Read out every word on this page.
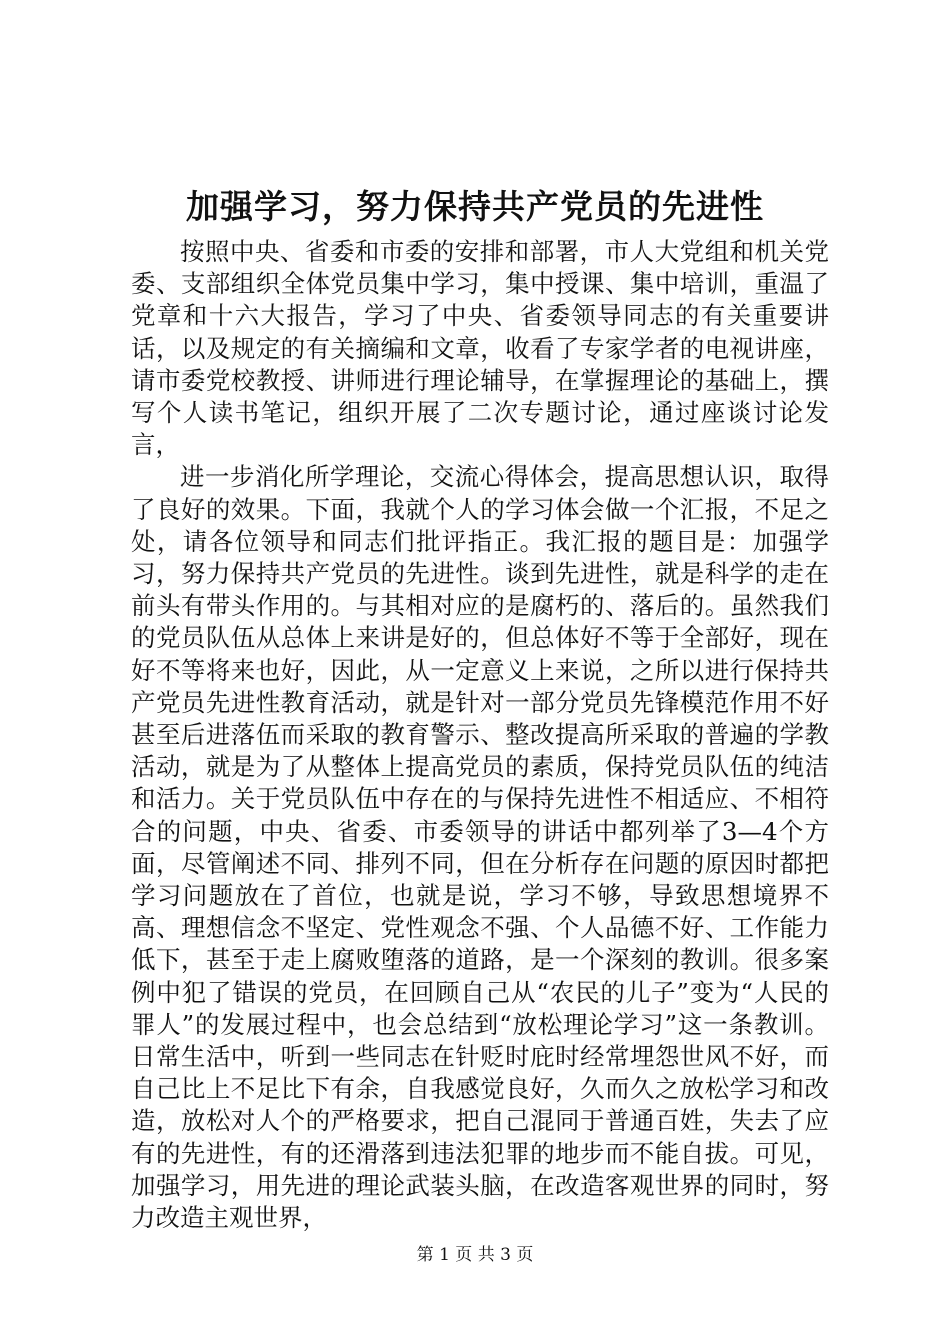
加强学习，努力保持共产党员的先进性

按照中央、省委和市委的安排和部署，市人大党组和机关党委、支部组织全体党员集中学习，集中授课、集中培训，重温了党章和十六大报告，学习了中央、省委领导同志的有关重要讲话，以及规定的有关摘编和文章，收看了专家学者的电视讲座，请市委党校教授、讲师进行理论辅导，在掌握理论的基础上，撰写个人读书笔记，组织开展了二次专题讨论，通过座谈讨论发言，

进一步消化所学理论，交流心得体会，提高思想认识，取得了良好的效果。下面，我就个人的学习体会做一个汇报，不足之处，请各位领导和同志们批评指正。我汇报的题目是：加强学习，努力保持共产党员的先进性。谈到先进性，就是科学的走在前头有带头作用的。与其相对应的是腐朽的、落后的。虽然我们的党员队伍从总体上来讲是好的，但总体好不等于全部好，现在好不等将来也好，因此，从一定意义上来说，之所以进行保持共产党员先进性教育活动，就是针对一部分党员先锋模范作用不好甚至后进落伍而采取的教育警示、整改提高所采取的普遍的学教活动，就是为了从整体上提高党员的素质，保持党员队伍的纯洁和活力。关于党员队伍中存在的与保持先进性不相适应、不相符合的问题，中央、省委、市委领导的讲话中都列举了3—4个方面，尽管阐述不同、排列不同，但在分析存在问题的原因时都把学习问题放在了首位，也就是说，学习不够，导致思想境界不高、理想信念不坚定、党性观念不强、个人品德不好、工作能力低下，甚至于走上腐败堕落的道路，是一个深刻的教训。很多案例中犯了错误的党员，在回顾自己从“农民的儿子”变为“人民的罪人”的发展过程中，也会总结到“放松理论学习”这一条教训。日常生活中，听到一些同志在针贬时庇时经常埋怨世风不好，而自己比上不足比下有余，自我感觉良好，久而久之放松学习和改造，放松对人个的严格要求，把自己混同于普通百姓，失去了应有的先进性，有的还滑落到违法犯罪的地步而不能自拔。可见，加强学习，用先进的理论武装头脑，在改造客观世界的同时，努力改造主观世界，

第 1 页 共 3 页
